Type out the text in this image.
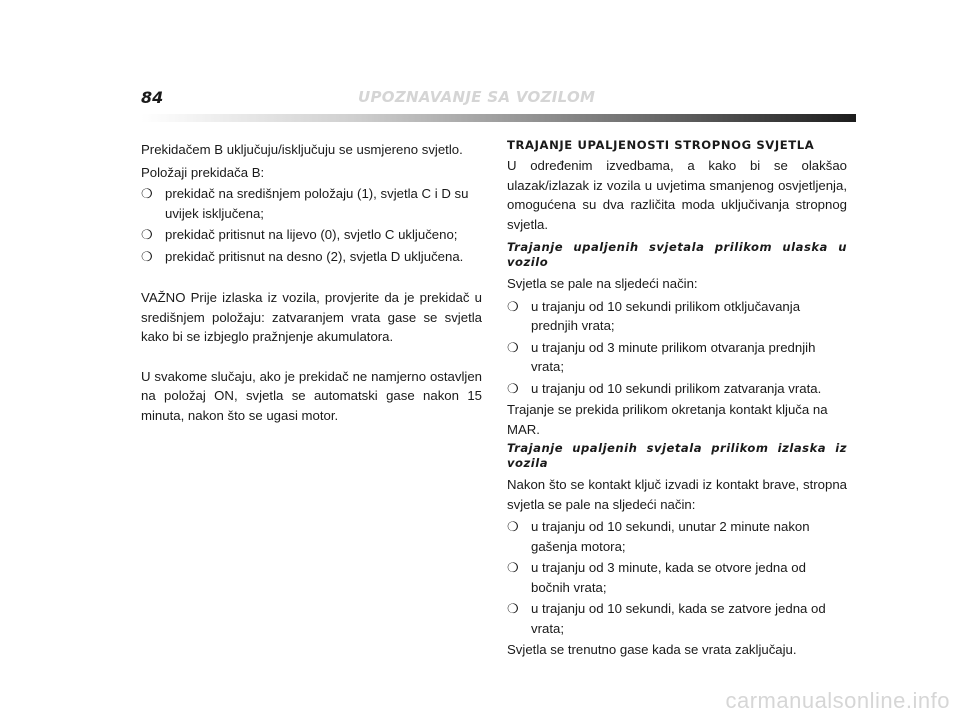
84	UPOZNAVANJE SA VOZILOM

Prekidačem B uključuju/isključuju se usmjereno svjetlo.

Položaji prekidača B:

❍ prekidač na središnjem položaju (1), svjetla C i D su uvijek isključena;
❍ prekidač pritisnut na lijevo (0), svjetlo C uključeno;
❍ prekidač pritisnut na desno (2), svjetla D uključena.

VAŽNO Prije izlaska iz vozila, provjerite da je prekidač u središnjem položaju: zatvaranjem vrata gase se svjetla kako bi se izbjeglo pražnjenje akumulatora.

U svakome slučaju, ako je prekidač ne namjerno ostavljen na položaj ON, svjetla se automatski gase nakon 15 minuta, nakon što se ugasi motor.

TRAJANJE UPALJENOSTI STROPNOG SVJETLA

U određenim izvedbama, a kako bi se olakšao ulazak/izlazak iz vozila u uvjetima smanjenog osvjetljenja, omogućena su dva različita moda uključivanja stropnog svjetla.

Trajanje upaljenih svjetala prilikom ulaska u vozilo

Svjetla se pale na sljedeći način:

❍ u trajanju od 10 sekundi prilikom otključavanja prednjih vrata;
❍ u trajanju od 3 minute prilikom otvaranja prednjih vrata;
❍ u trajanju od 10 sekundi prilikom zatvaranja vrata.

Trajanje se prekida prilikom okretanja kontakt ključa na MAR.

Trajanje upaljenih svjetala prilikom izlaska iz vozila

Nakon što se kontakt ključ izvadi iz kontakt brave, stropna svjetla se pale na sljedeći način:

❍ u trajanju od 10 sekundi, unutar 2 minute nakon gašenja motora;
❍ u trajanju od 3 minute, kada se otvore jedna od bočnih vrata;
❍ u trajanju od 10 sekundi, kada se zatvore jedna od vrata;

Svjetla se trenutno gase kada se vrata zaključaju.

carmanualsonline.info
